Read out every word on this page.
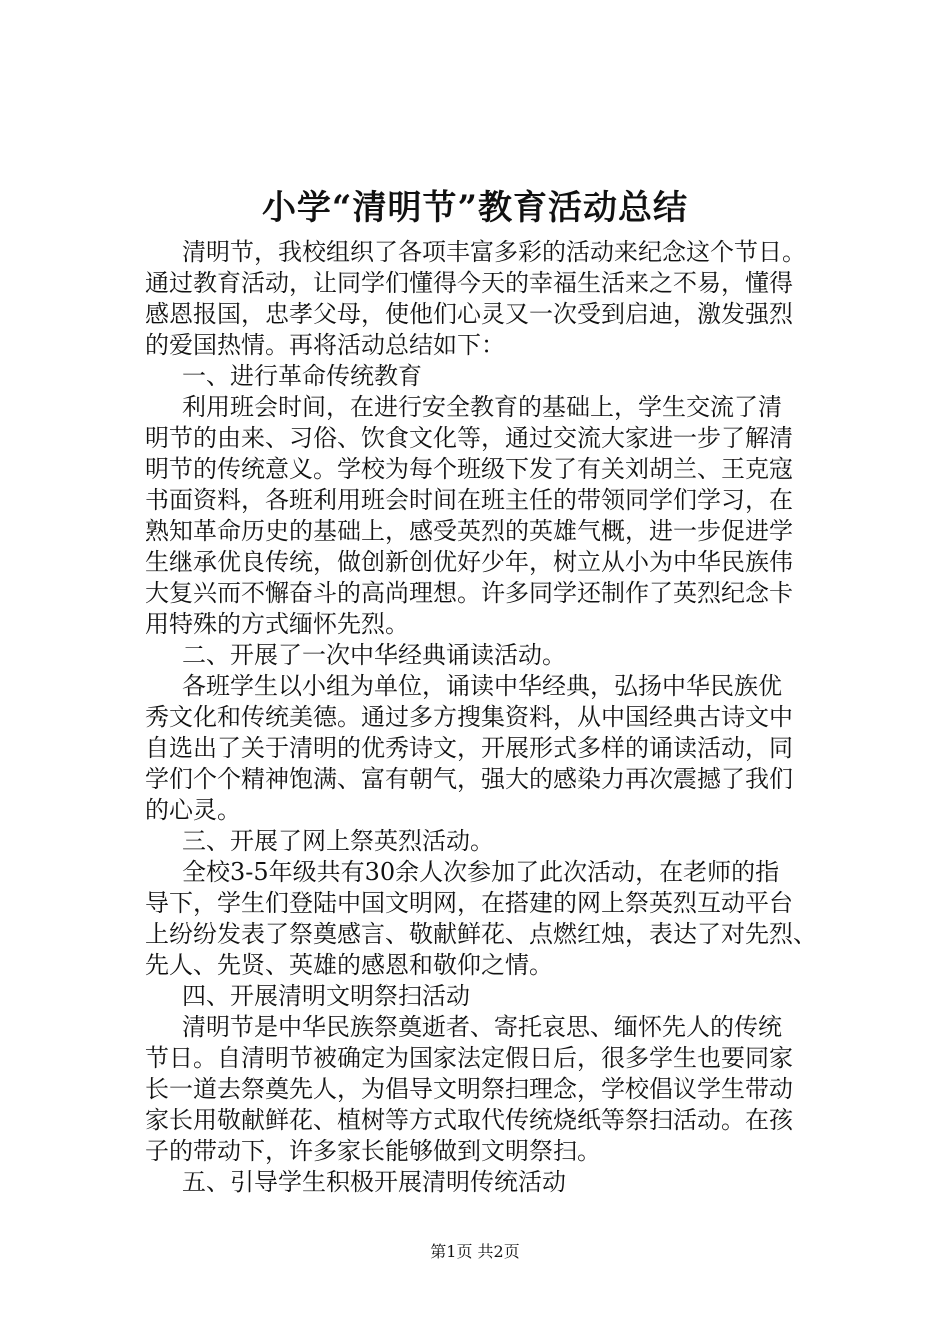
小学“清明节”教育活动总结
清明节，我校组织了各项丰富多彩的活动来纪念这个节日。
通过教育活动，让同学们懂得今天的幸福生活来之不易，懂得
感恩报国，忠孝父母，使他们心灵又一次受到启迪，激发强烈
的爱国热情。再将活动总结如下：
一、进行革命传统教育
利用班会时间，在进行安全教育的基础上，学生交流了清
明节的由来、习俗、饮食文化等，通过交流大家进一步了解清
明节的传统意义。学校为每个班级下发了有关刘胡兰、王克寇
书面资料，各班利用班会时间在班主任的带领同学们学习，在
熟知革命历史的基础上，感受英烈的英雄气概，进一步促进学
生继承优良传统，做创新创优好少年，树立从小为中华民族伟
大复兴而不懈奋斗的高尚理想。许多同学还制作了英烈纪念卡
用特殊的方式缅怀先烈。
二、开展了一次中华经典诵读活动。
各班学生以小组为单位，诵读中华经典，弘扬中华民族优
秀文化和传统美德。通过多方搜集资料，从中国经典古诗文中
自选出了关于清明的优秀诗文，开展形式多样的诵读活动，同
学们个个精神饱满、富有朝气，强大的感染力再次震撼了我们
的心灵。
三、开展了网上祭英烈活动。
全校3-5年级共有30余人次参加了此次活动，在老师的指
导下，学生们登陆中国文明网，在搭建的网上祭英烈互动平台
上纷纷发表了祭奠感言、敬献鲜花、点燃红烛，表达了对先烈、
先人、先贤、英雄的感恩和敬仰之情。
四、开展清明文明祭扫活动
清明节是中华民族祭奠逝者、寄托哀思、缅怀先人的传统
节日。自清明节被确定为国家法定假日后，很多学生也要同家
长一道去祭奠先人，为倡导文明祭扫理念，学校倡议学生带动
家长用敬献鲜花、植树等方式取代传统烧纸等祭扫活动。在孩
子的带动下，许多家长能够做到文明祭扫。
五、引导学生积极开展清明传统活动
第1页 共2页
